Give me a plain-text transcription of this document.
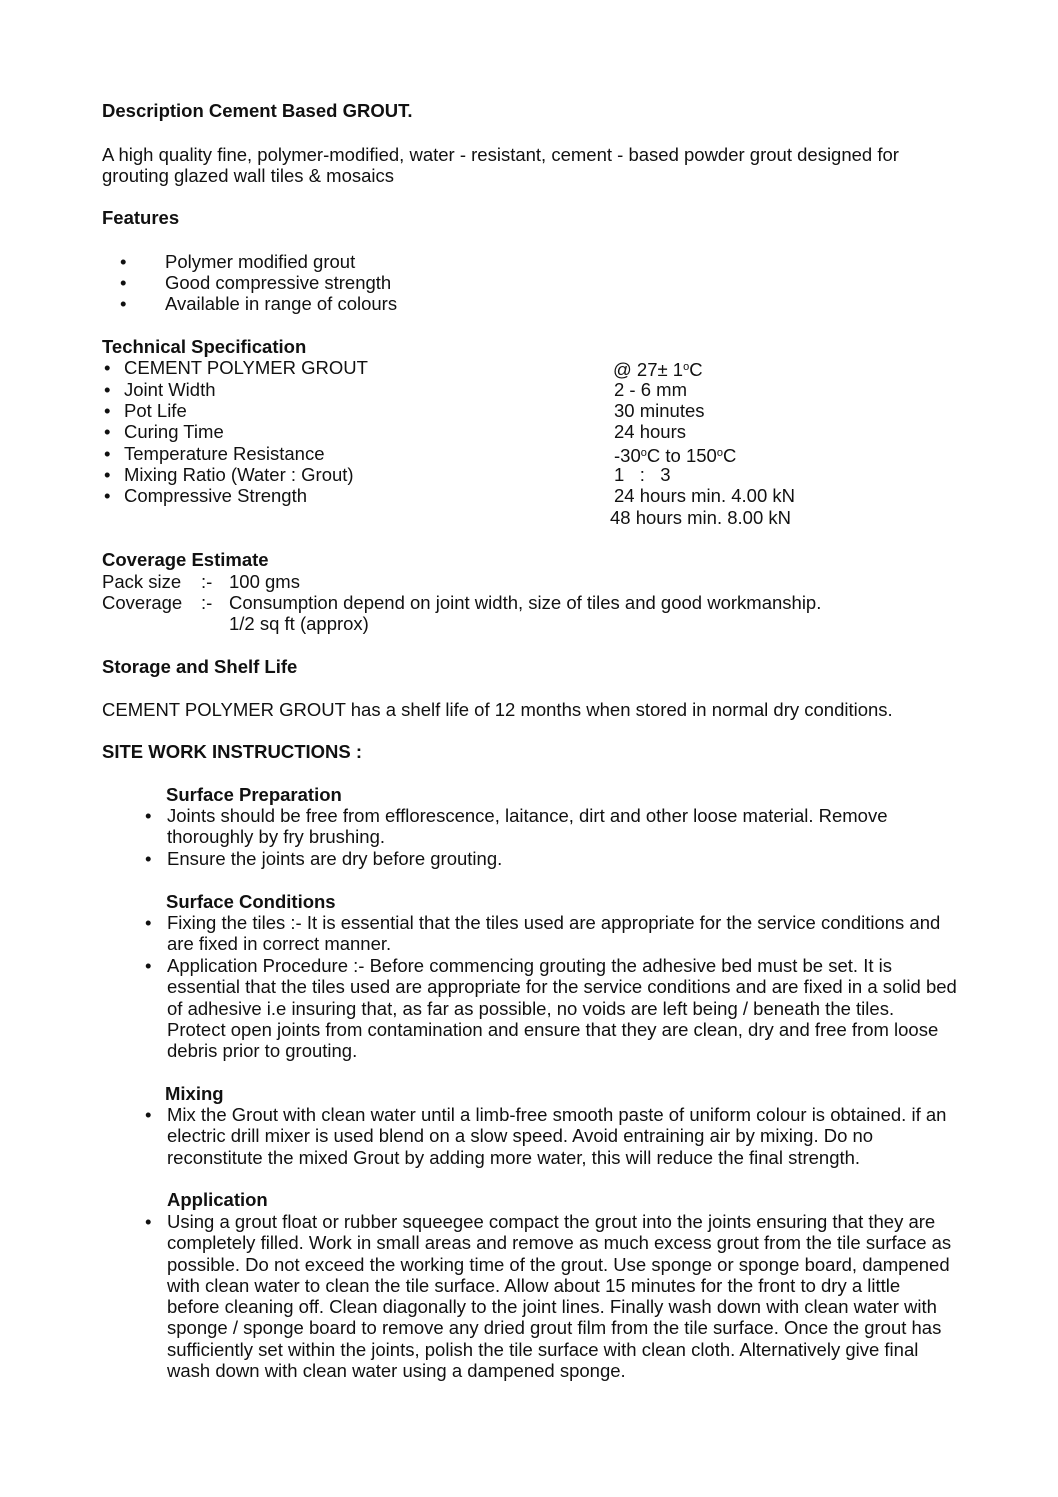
Description Cement Based GROUT.
A high quality fine, polymer-modified, water - resistant, cement - based powder grout designed for
grouting glazed wall tiles & mosaics
Features
• Polymer modified grout
• Good compressive strength
• Available in range of colours
Technical Specification
• CEMENT POLYMER GROUT	@ $27\pm 1^oC$
• Joint Width	2 - 6 mm
• Pot Life	30 minutes
• Curing Time	24 hours
• Temperature Resistance	-30$^o$C to 150$^o$C
• Mixing Ratio (Water : Grout)	1   :   3
• Compressive Strength	24 hours min. 4.00 kN
48 hours min. 8.00 kN
Coverage Estimate
Pack size :- 100 gms
Coverage :- Consumption depend on joint width, size of tiles and good workmanship.
1/2 sq ft (approx)
Storage and Shelf Life
CEMENT POLYMER GROUT has a shelf life of 12 months when stored in normal dry conditions.
SITE WORK INSTRUCTIONS :
Surface Preparation
• Joints should be free from efflorescence, laitance, dirt and other loose material. Remove thoroughly by fry brushing.
• Ensure the joints are dry before grouting.
Surface Conditions
• Fixing the tiles :- It is essential that the tiles used are appropriate for the service conditions and are fixed in correct manner.
• Application Procedure :- Before commencing grouting the adhesive bed must be set. It is essential that the tiles used are appropriate for the service conditions and are fixed in a solid bed of adhesive i.e insuring that, as far as possible, no voids are left being / beneath the tiles. Protect open joints from contamination and ensure that they are clean, dry and free from loose debris prior to grouting.
Mixing
• Mix the Grout with clean water until a limb-free smooth paste of uniform colour is obtained. if an electric drill mixer is used blend on a slow speed. Avoid entraining air by mixing. Do no reconstitute the mixed Grout by adding more water, this will reduce the final strength.
Application
• Using a grout float or rubber squeegee compact the grout into the joints ensuring that they are completely filled. Work in small areas and remove as much excess grout from the tile surface as possible. Do not exceed the working time of the grout. Use sponge or sponge board, dampened with clean water to clean the tile surface. Allow about 15 minutes for the front to dry a little before cleaning off. Clean diagonally to the joint lines. Finally wash down with clean water with sponge / sponge board to remove any dried grout film from the tile surface. Once the grout has sufficiently set within the joints, polish the tile surface with clean cloth. Alternatively give final wash down with clean water using a dampened sponge.
